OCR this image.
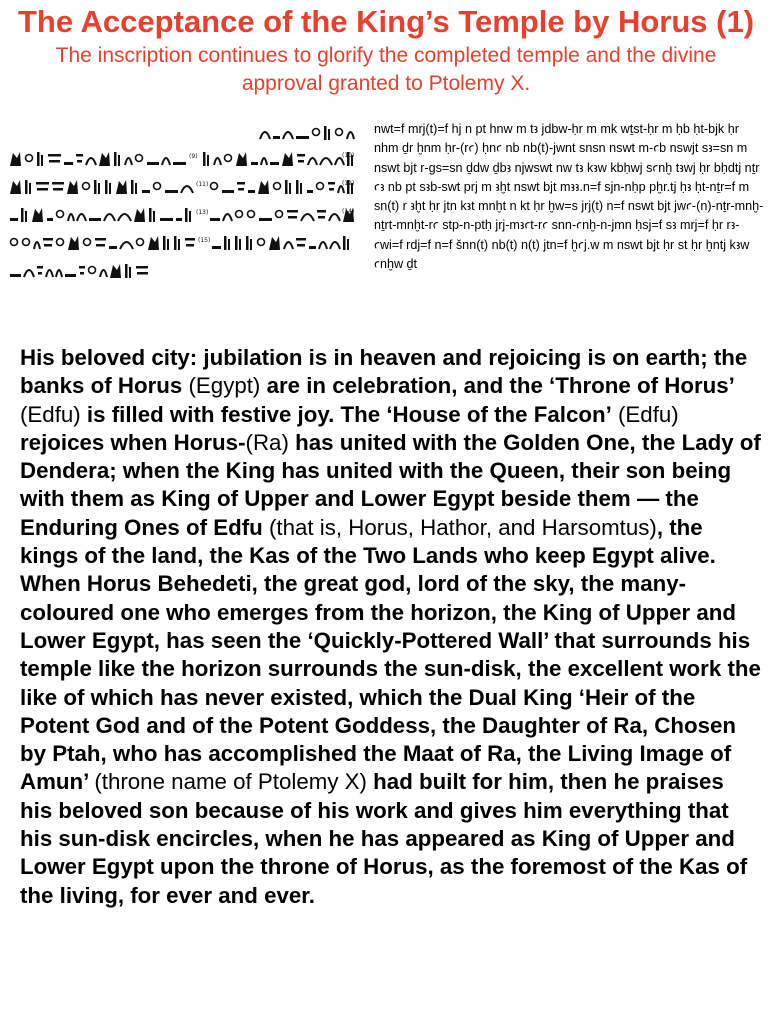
The Acceptance of the King’s Temple by Horus (1)

The inscription continues to glorify the completed temple and the divine approval granted to Ptolemy X.

(9)	(10)
(11)	(12)
(13)	(14)
(15)

nwt=f mrj(t)=f hj n pt hnw m tꜣ jdbw-ḥr m mk wṯst-ḥr m ḥb ḥt-bjk ḥr nhm ḏr ḫnm ḥr-(rꜥ) ḥnꜥ nb nb(t)-jwnt snsn nswt m-ꜥb nswjt sꜣ=sn m nswt bjt r-gs=sn ḏdw ḏbꜣ njwswt nw tꜣ kꜣw kbḥwj sꜥnḫ tꜣwj ḥr bḥdtj nṯr ꜥꜣ nb pt sꜣb-swt prj m ꜣḫt nswt bjt mꜣꜣ.n=f sjn-nḥp pḫr.tj ḥꜣ ḥt-nṯr=f m sn(t) r ꜣḫt ḥr jtn kꜣt mnḫt n kt ḥr ḫw=s jrj(t) n=f nswt bjt jwꜥ-(n)-nṯr-mnḫ-nṯrt-mnḫt-rꜥ stp-n-ptḥ jrj-mꜣꜥt-rꜥ snn-ꜥnḫ-n-jmn ḥsj=f sꜣ mrj=f ḥr rꜣ-ꜥwi=f rdj=f n=f šnn(t) nb(t) n(t) jtn=f ḫꜥj.w m nswt bjt ḥr st ḥr ḫntj kꜣw ꜥnḫw ḏt

His beloved city: jubilation is in heaven and rejoicing is on earth; the banks of Horus (Egypt) are in celebration, and the ‘Throne of Horus’ (Edfu) is filled with festive joy. The ‘House of the Falcon’ (Edfu) rejoices when Horus-(Ra) has united with the Golden One, the Lady of Dendera; when the King has united with the Queen, their son being with them as King of Upper and Lower Egypt beside them — the Enduring Ones of Edfu (that is, Horus, Hathor, and Harsomtus), the kings of the land, the Kas of the Two Lands who keep Egypt alive. When Horus Behedeti, the great god, lord of the sky, the many-coloured one who emerges from the horizon, the King of Upper and Lower Egypt, has seen the ‘Quickly-Pottered Wall’ that surrounds his temple like the horizon surrounds the sun-disk, the excellent work the like of which has never existed, which the Dual King ‘Heir of the Potent God and of the Potent Goddess, the Daughter of Ra, Chosen by Ptah, who has accomplished the Maat of Ra, the Living Image of Amun’ (throne name of Ptolemy X) had built for him, then he praises his beloved son because of his work and gives him everything that his sun-disk encircles, when he has appeared as King of Upper and Lower Egypt upon the throne of Horus, as the foremost of the Kas of the living, for ever and ever.
